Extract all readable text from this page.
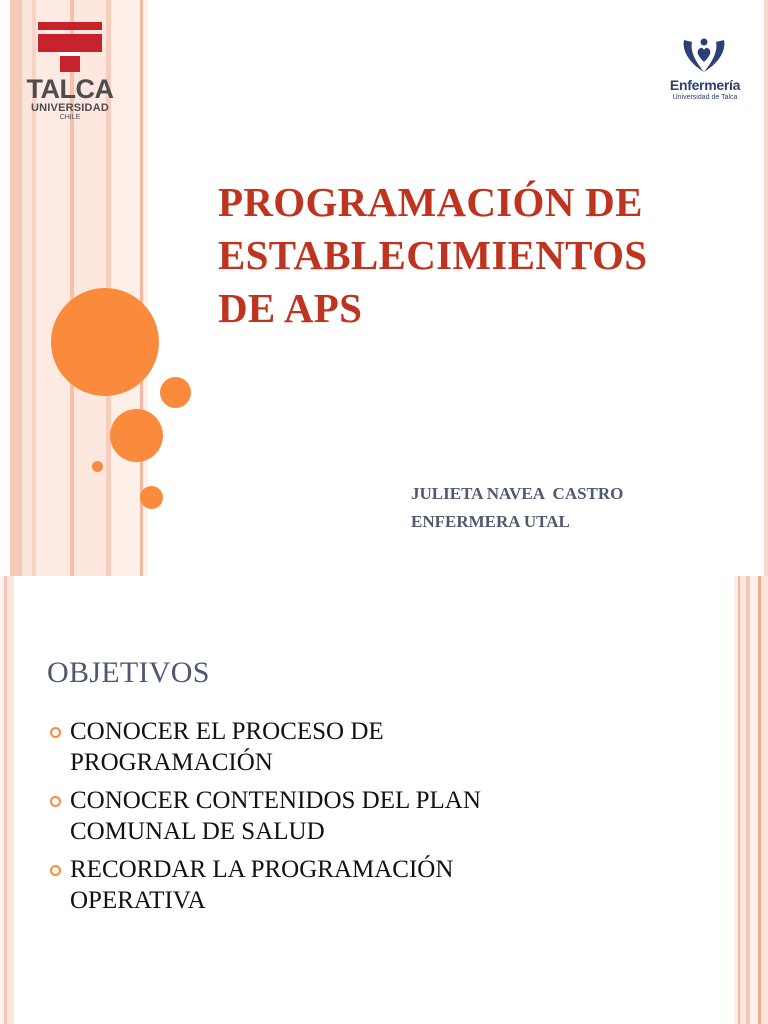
TALCA
UNIVERSIDAD
CHILE
Enfermería
Universidad de Talca
PROGRAMACIÓN DE
ESTABLECIMIENTOS
DE APS
JULIETA NAVEA  CASTRO
ENFERMERA UTAL
OBJETIVOS
CONOCER EL PROCESO DE
PROGRAMACIÓN
CONOCER CONTENIDOS DEL PLAN
COMUNAL DE SALUD
RECORDAR LA PROGRAMACIÓN
OPERATIVA
